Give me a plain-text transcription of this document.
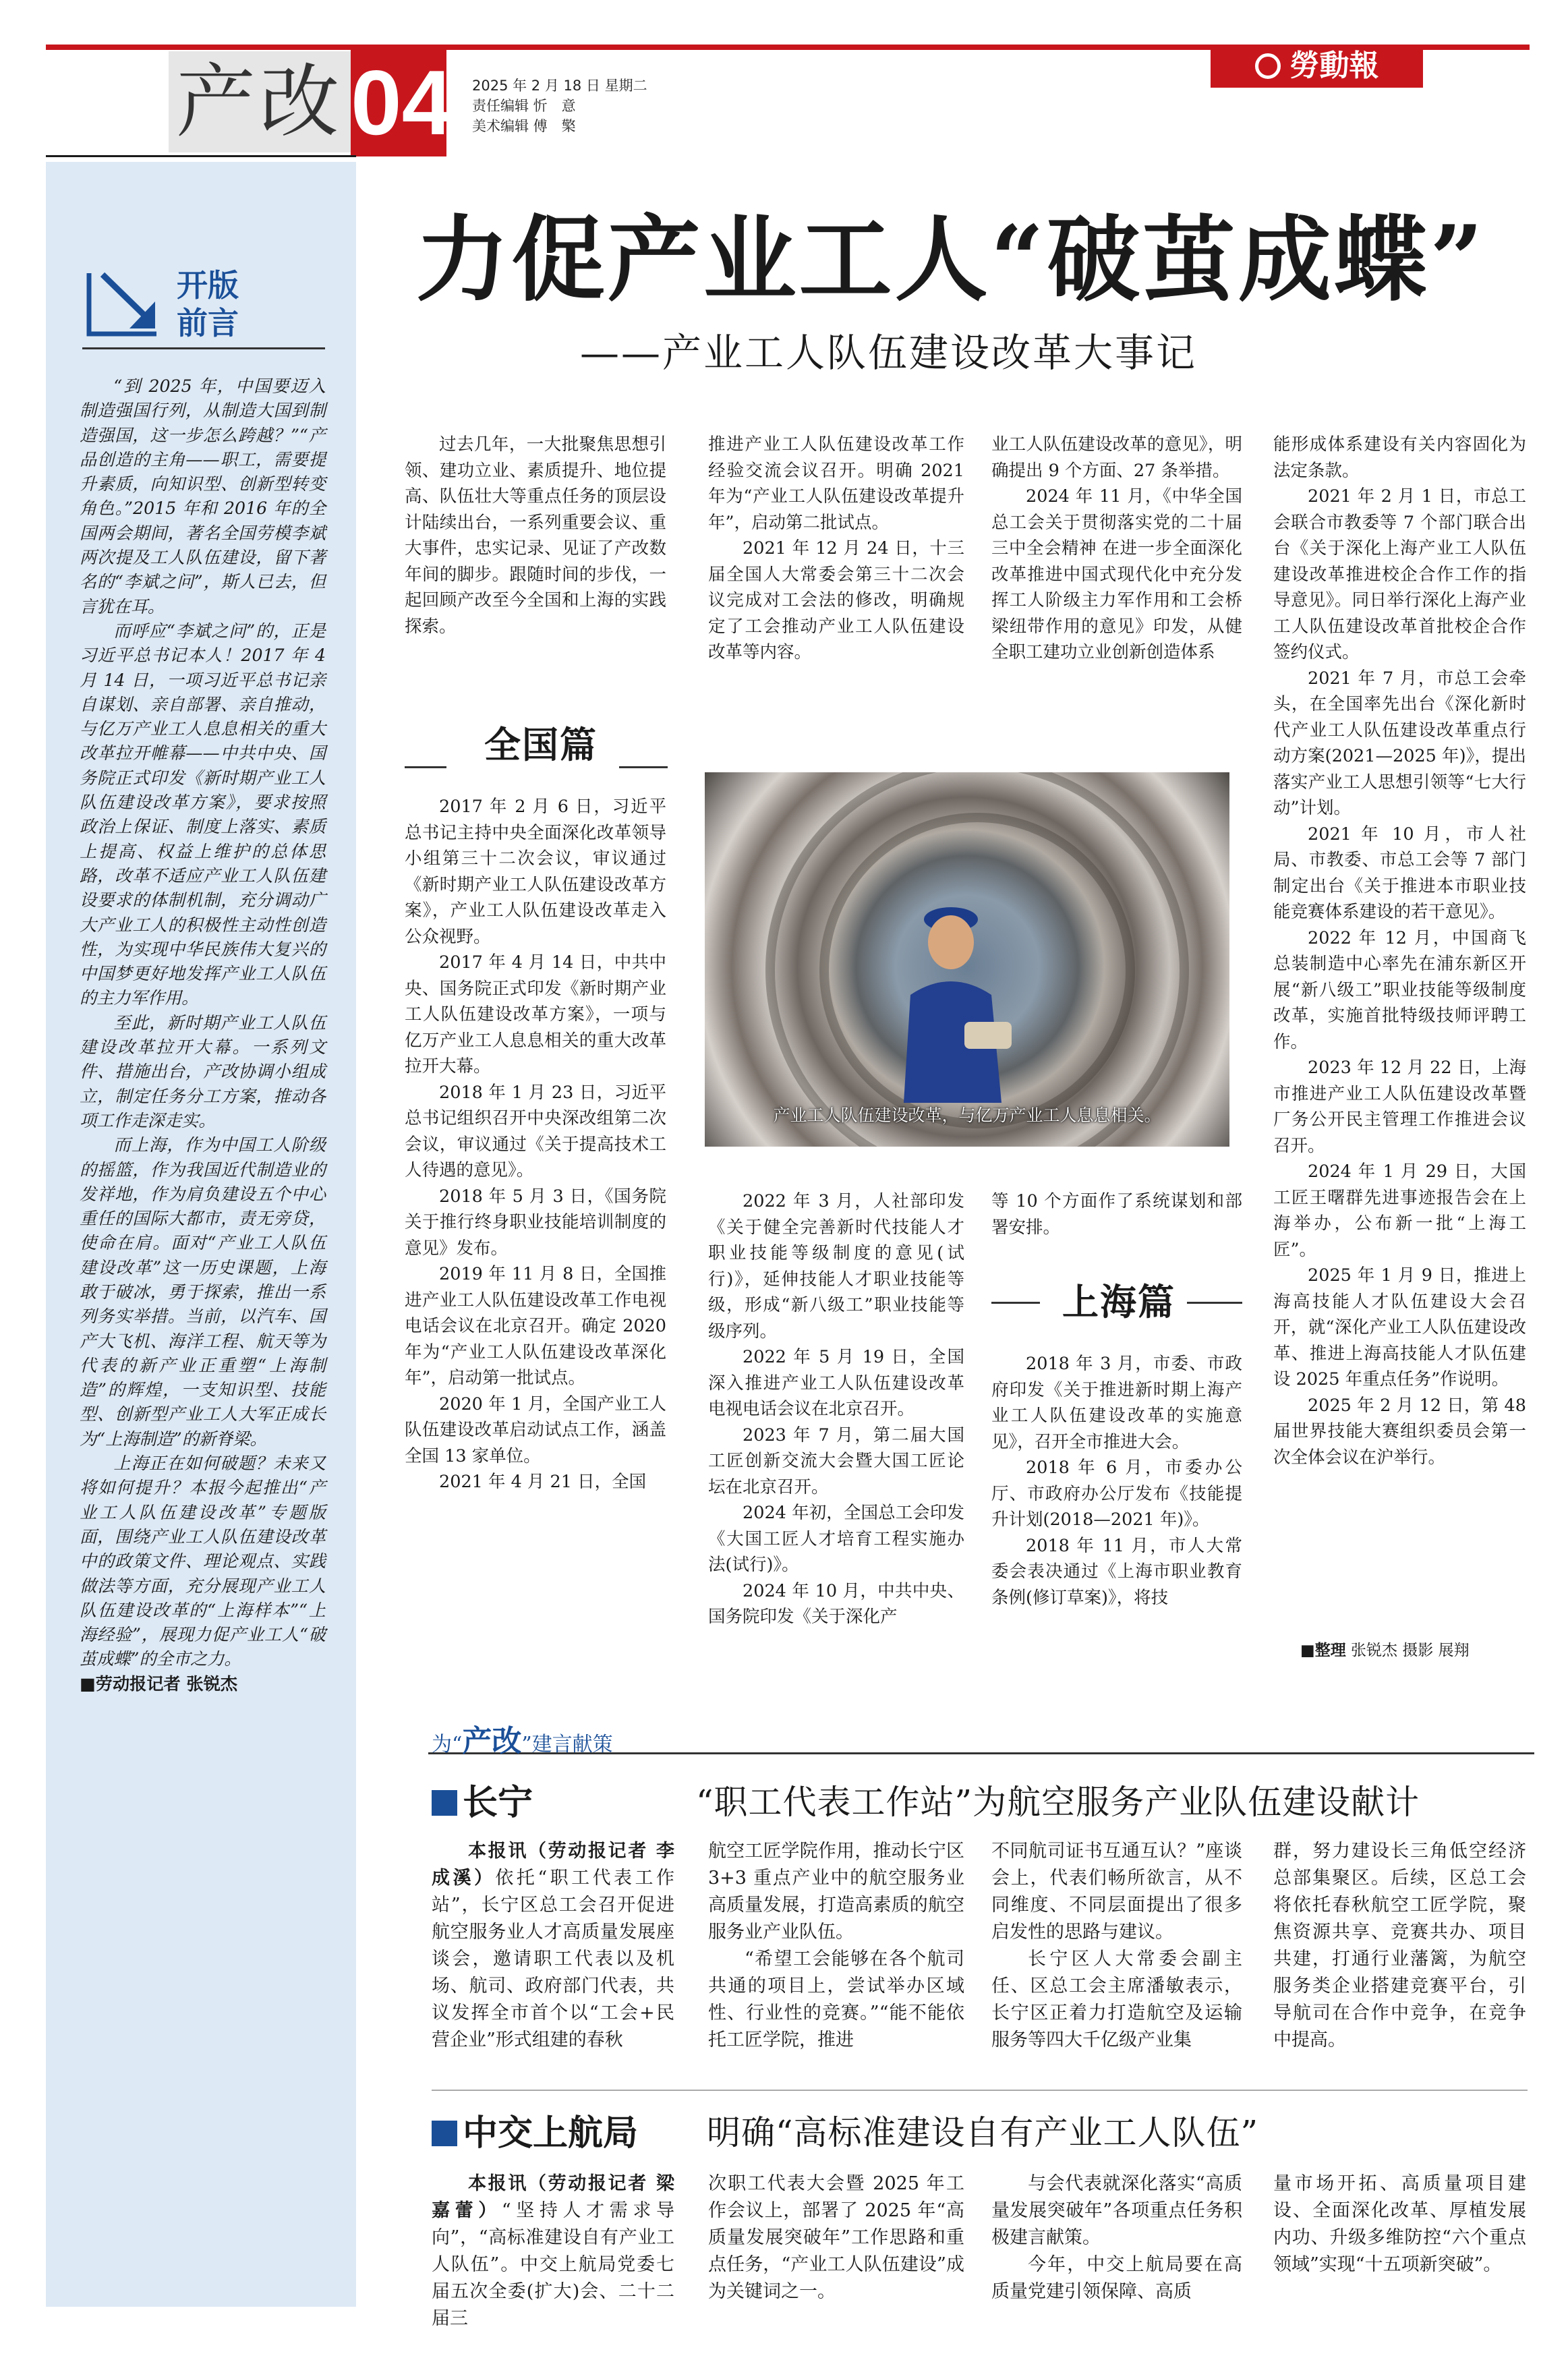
产改 04 2025 年 2 月 18 日 星期二
责任编辑 忻　意
美术编辑 傅　檠
勞動報
开版
前言

“到 2025 年，中国要迈入制造强国行列，从制造大国到制造强国，这一步怎么跨越？”“产品创造的主角——职工，需要提升素质，向知识型、创新型转变角色。”2015 年和 2016 年的全国两会期间，著名全国劳模李斌两次提及工人队伍建设，留下著名的“李斌之问”，斯人已去，但言犹在耳。

而呼应“李斌之问”的，正是习近平总书记本人！2017 年 4 月 14 日，一项习近平总书记亲自谋划、亲自部署、亲自推动，与亿万产业工人息息相关的重大改革拉开帷幕——中共中央、国务院正式印发《新时期产业工人队伍建设改革方案》，要求按照政治上保证、制度上落实、素质上提高、权益上维护的总体思路，改革不适应产业工人队伍建设要求的体制机制，充分调动广大产业工人的积极性主动性创造性，为实现中华民族伟大复兴的中国梦更好地发挥产业工人队伍的主力军作用。

至此，新时期产业工人队伍建设改革拉开大幕。一系列文件、措施出台，产改协调小组成立，制定任务分工方案，推动各项工作走深走实。

而上海，作为中国工人阶级的摇篮，作为我国近代制造业的发祥地，作为肩负建设五个中心重任的国际大都市，责无旁贷，使命在肩。面对“产业工人队伍建设改革”这一历史课题，上海敢于破冰，勇于探索，推出一系列务实举措。当前，以汽车、国产大飞机、海洋工程、航天等为代表的新产业正重塑“上海制造”的辉煌，一支知识型、技能型、创新型产业工人大军正成长为“上海制造”的新脊梁。

上海正在如何破题？未来又将如何提升？本报今起推出“产业工人队伍建设改革”专题版面，围绕产业工人队伍建设改革中的政策文件、理论观点、实践做法等方面，充分展现产业工人队伍建设改革的“上海样本”“上海经验”，展现力促产业工人“破茧成蝶”的全市之力。

■劳动报记者 张锐杰

力促产业工人“破茧成蝶”
——产业工人队伍建设改革大事记

过去几年，一大批聚焦思想引领、建功立业、素质提升、地位提高、队伍壮大等重点任务的顶层设计陆续出台，一系列重要会议、重大事件，忠实记录、见证了产改数年间的脚步。跟随时间的步伐，一起回顾产改至今全国和上海的实践探索。

全国篇

2017 年 2 月 6 日，习近平总书记主持中央全面深化改革领导小组第三十二次会议，审议通过《新时期产业工人队伍建设改革方案》，产业工人队伍建设改革走入公众视野。

2017 年 4 月 14 日，中共中央、国务院正式印发《新时期产业工人队伍建设改革方案》，一项与亿万产业工人息息相关的重大改革拉开大幕。

2018 年 1 月 23 日，习近平总书记组织召开中央深改组第二次会议，审议通过《关于提高技术工人待遇的意见》。

2018 年 5 月 3 日，《国务院关于推行终身职业技能培训制度的意见》发布。

2019 年 11 月 8 日，全国推进产业工人队伍建设改革工作电视电话会议在北京召开。确定 2020 年为“产业工人队伍建设改革深化年”，启动第一批试点。

2020 年 1 月，全国产业工人队伍建设改革启动试点工作，涵盖全国 13 家单位。

2021 年 4 月 21 日，全国

推进产业工人队伍建设改革工作经验交流会议召开。明确 2021 年为“产业工人队伍建设改革提升年”，启动第二批试点。

2021 年 12 月 24 日，十三届全国人大常委会第三十二次会议完成对工会法的修改，明确规定了工会推动产业工人队伍建设改革等内容。

2022 年 3 月，人社部印发《关于健全完善新时代技能人才职业技能等级制度的意见(试行)》，延伸技能人才职业技能等级，形成“新八级工”职业技能等级序列。

2022 年 5 月 19 日，全国深入推进产业工人队伍建设改革电视电话会议在北京召开。

2023 年 7 月，第二届大国工匠创新交流大会暨大国工匠论坛在北京召开。

2024 年初，全国总工会印发《大国工匠人才培育工程实施办法(试行)》。

2024 年 10 月，中共中央、国务院印发《关于深化产

业工人队伍建设改革的意见》，明确提出 9 个方面、27 条举措。

2024 年 11 月，《中华全国总工会关于贯彻落实党的二十届三中全会精神 在进一步全面深化改革推进中国式现代化中充分发挥工人阶级主力军作用和工会桥梁纽带作用的意见》印发，从健全职工建功立业创新创造体系

等 10 个方面作了系统谋划和部署安排。

上海篇

2018 年 3 月，市委、市政府印发《关于推进新时期上海产业工人队伍建设改革的实施意见》，召开全市推进大会。

2018 年 6 月，市委办公厅、市政府办公厅发布《技能提升计划(2018—2021 年)》。

2018 年 11 月，市人大常委会表决通过《上海市职业教育条例(修订草案)》，将技

能形成体系建设有关内容固化为法定条款。

2021 年 2 月 1 日，市总工会联合市教委等 7 个部门联合出台《关于深化上海产业工人队伍建设改革推进校企合作工作的指导意见》。同日举行深化上海产业工人队伍建设改革首批校企合作签约仪式。

2021 年 7 月，市总工会牵头，在全国率先出台《深化新时代产业工人队伍建设改革重点行动方案(2021—2025 年)》，提出落实产业工人思想引领等“七大行动”计划。

2021 年 10 月，市人社局、市教委、市总工会等 7 部门制定出台《关于推进本市职业技能竞赛体系建设的若干意见》。

2022 年 12 月，中国商飞总装制造中心率先在浦东新区开展“新八级工”职业技能等级制度改革，实施首批特级技师评聘工作。

2023 年 12 月 22 日，上海市推进产业工人队伍建设改革暨厂务公开民主管理工作推进会议召开。

2024 年 1 月 29 日，大国工匠王曙群先进事迹报告会在上海举办，公布新一批“上海工匠”。

2025 年 1 月 9 日，推进上海高技能人才队伍建设大会召开，就“深化产业工人队伍建设改革、推进上海高技能人才队伍建设 2025 年重点任务”作说明。

2025 年 2 月 12 日，第 48 届世界技能大赛组织委员会第一次全体会议在沪举行。

■整理 张锐杰 摄影 展翔
产业工人队伍建设改革，与亿万产业工人息息相关。
为“产改”建言献策
长宁	“职工代表工作站”为航空服务产业队伍建设献计

本报讯（劳动报记者 李成溪）依托“职工代表工作站”，长宁区总工会召开促进航空服务业人才高质量发展座谈会，邀请职工代表以及机场、航司、政府部门代表，共议发挥全市首个以“工会+民营企业”形式组建的春秋

航空工匠学院作用，推动长宁区 3+3 重点产业中的航空服务业高质量发展，打造高素质的航空服务业产业队伍。

“希望工会能够在各个航司共通的项目上，尝试举办区域性、行业性的竞赛。”“能不能依托工匠学院，推进

不同航司证书互通互认？”座谈会上，代表们畅所欲言，从不同维度、不同层面提出了很多启发性的思路与建议。

长宁区人大常委会副主任、区总工会主席潘敏表示，长宁区正着力打造航空及运输服务等四大千亿级产业集

群，努力建设长三角低空经济总部集聚区。后续，区总工会将依托春秋航空工匠学院，聚焦资源共享、竞赛共办、项目共建，打通行业藩篱，为航空服务类企业搭建竞赛平台，引导航司在合作中竞争，在竞争中提高。

中交上航局 明确“高标准建设自有产业工人队伍”

本报讯（劳动报记者 梁嘉蕾）“坚持人才需求导向”，“高标准建设自有产业工人队伍”。中交上航局党委七届五次全委(扩大)会、二十二届三

次职工代表大会暨 2025 年工作会议上，部署了 2025 年“高质量发展突破年”工作思路和重点任务，“产业工人队伍建设”成为关键词之一。

与会代表就深化落实“高质量发展突破年”各项重点任务积极建言献策。

今年，中交上航局要在高质量党建引领保障、高质

量市场开拓、高质量项目建设、全面深化改革、厚植发展内功、升级多维防控“六个重点领域”实现“十五项新突破”。
